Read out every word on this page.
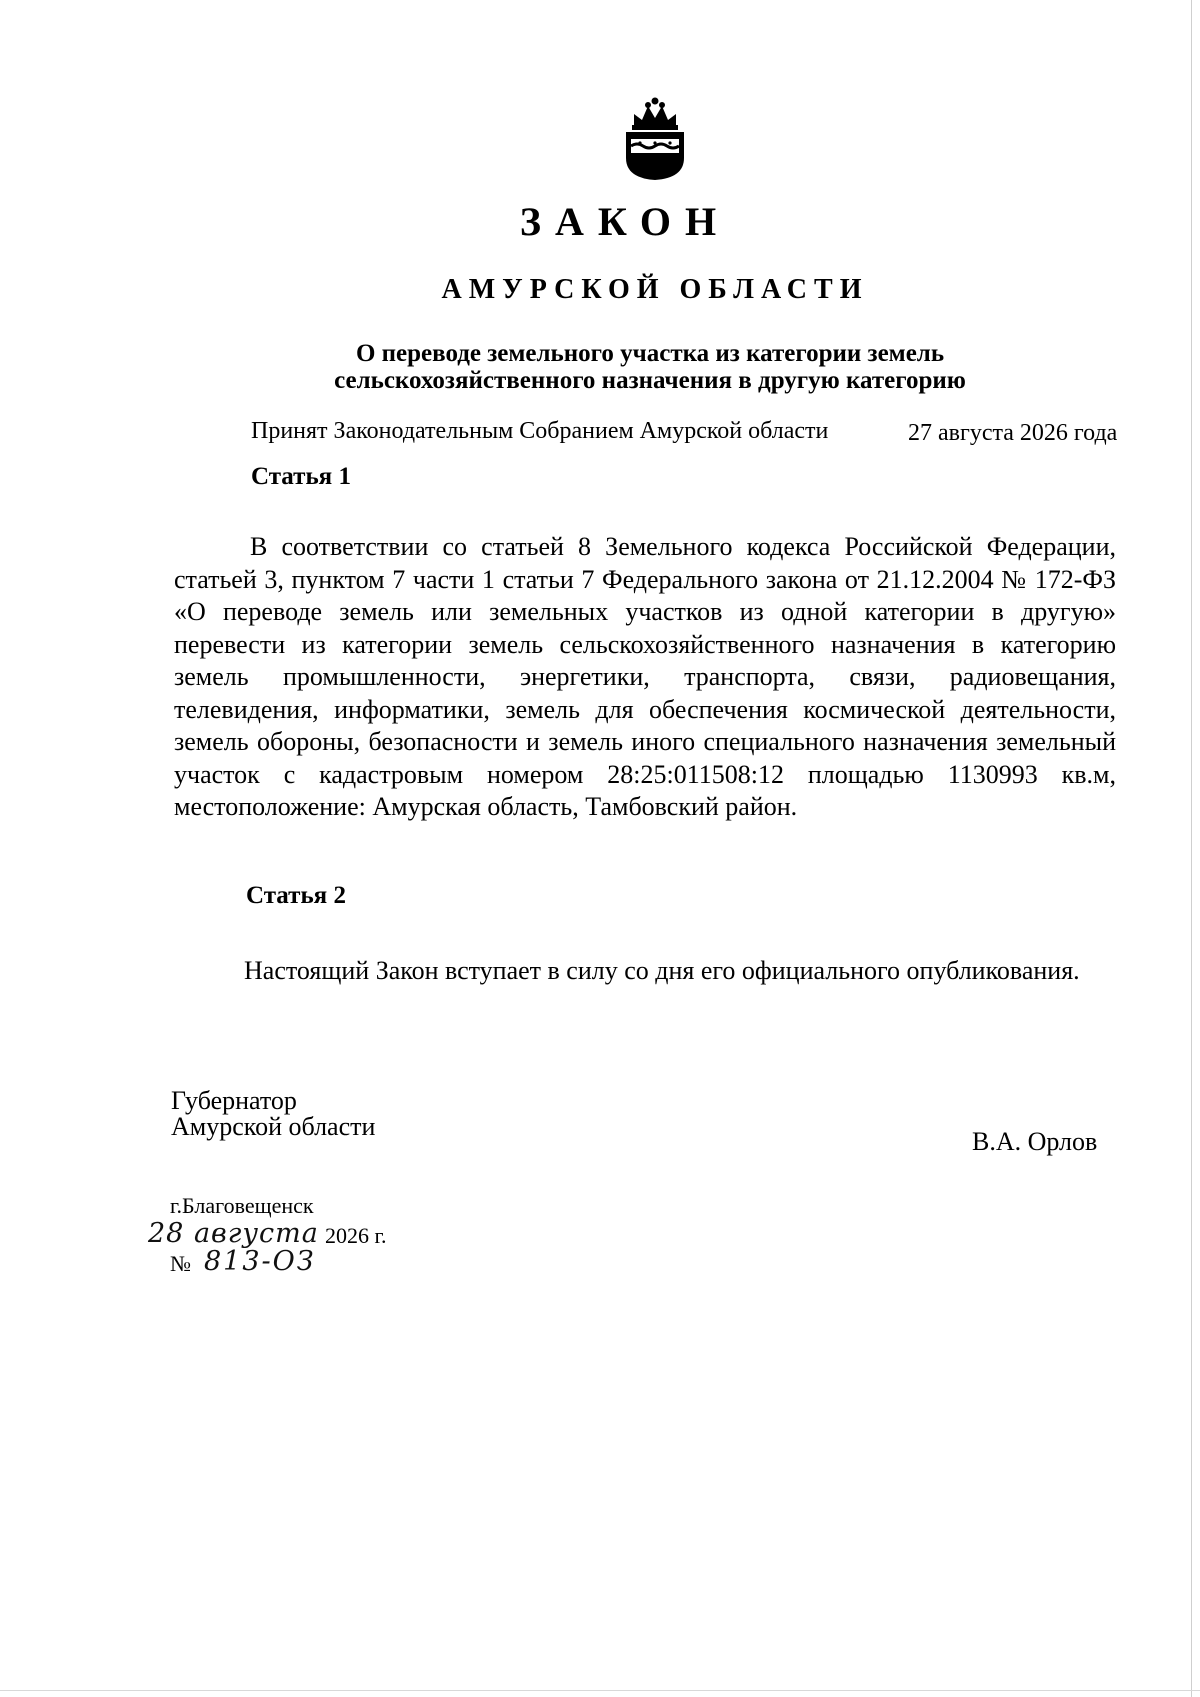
ЗАКОН
АМУРСКОЙ ОБЛАСТИ
О переводе земельного участка из категории земель
сельскохозяйственного назначения в другую категорию
Принят Законодательным Собранием Амурской области	27 августа 2026 года
Статья 1

В соответствии со статьей 8 Земельного кодекса Российской Федерации, статьей 3, пунктом 7 части 1 статьи 7 Федерального закона от 21.12.2004 № 172-ФЗ «О переводе земель или земельных участков из одной категории в другую» перевести из категории земель сельскохозяйственного назначения в категорию земель промышленности, энергетики, транспорта, связи, радиовещания, телевидения, информатики, земель для обеспечения космической деятельности, земель обороны, безопасности и земель иного специального назначения земельный участок с кадастровым номером 28:25:011508:12 площадью 1130993 кв.м, местоположение: Амурская область, Тамбовский район.

Статья 2

Настоящий Закон вступает в силу со дня его официального опубликования.

Губернатор
Амурской области
В.А. Орлов
г.Благовещенск
28 августа 2026 г.
№ 813-ОЗ
